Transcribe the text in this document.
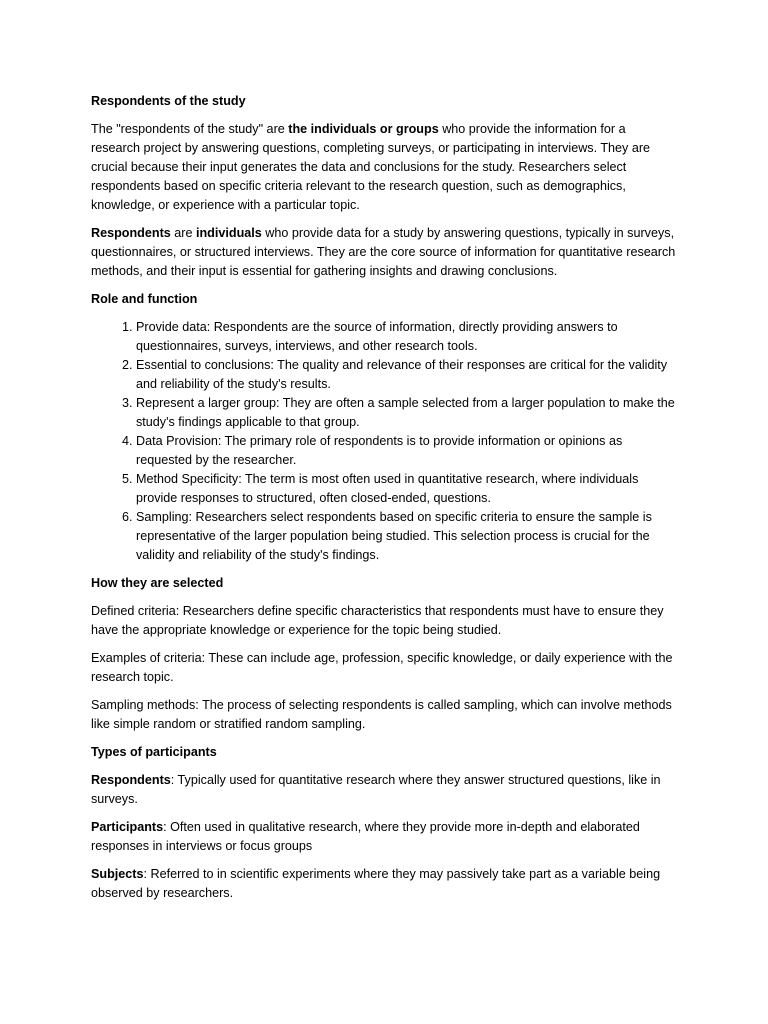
Respondents of the study

The "respondents of the study" are the individuals or groups who provide the information for a research project by answering questions, completing surveys, or participating in interviews. They are crucial because their input generates the data and conclusions for the study. Researchers select respondents based on specific criteria relevant to the research question, such as demographics, knowledge, or experience with a particular topic.

Respondents are individuals who provide data for a study by answering questions, typically in surveys, questionnaires, or structured interviews. They are the core source of information for quantitative research methods, and their input is essential for gathering insights and drawing conclusions.

Role and function
1. Provide data: Respondents are the source of information, directly providing answers to questionnaires, surveys, interviews, and other research tools.
2. Essential to conclusions: The quality and relevance of their responses are critical for the validity and reliability of the study's results.
3. Represent a larger group: They are often a sample selected from a larger population to make the study's findings applicable to that group.
4. Data Provision: The primary role of respondents is to provide information or opinions as requested by the researcher.
5. Method Specificity: The term is most often used in quantitative research, where individuals provide responses to structured, often closed-ended, questions.
6. Sampling: Researchers select respondents based on specific criteria to ensure the sample is representative of the larger population being studied. This selection process is crucial for the validity and reliability of the study's findings.
How they are selected

Defined criteria: Researchers define specific characteristics that respondents must have to ensure they have the appropriate knowledge or experience for the topic being studied.

Examples of criteria: These can include age, profession, specific knowledge, or daily experience with the research topic.

Sampling methods: The process of selecting respondents is called sampling, which can involve methods like simple random or stratified random sampling.

Types of participants

Respondents: Typically used for quantitative research where they answer structured questions, like in surveys.

Participants: Often used in qualitative research, where they provide more in-depth and elaborated responses in interviews or focus groups

Subjects: Referred to in scientific experiments where they may passively take part as a variable being observed by researchers.
